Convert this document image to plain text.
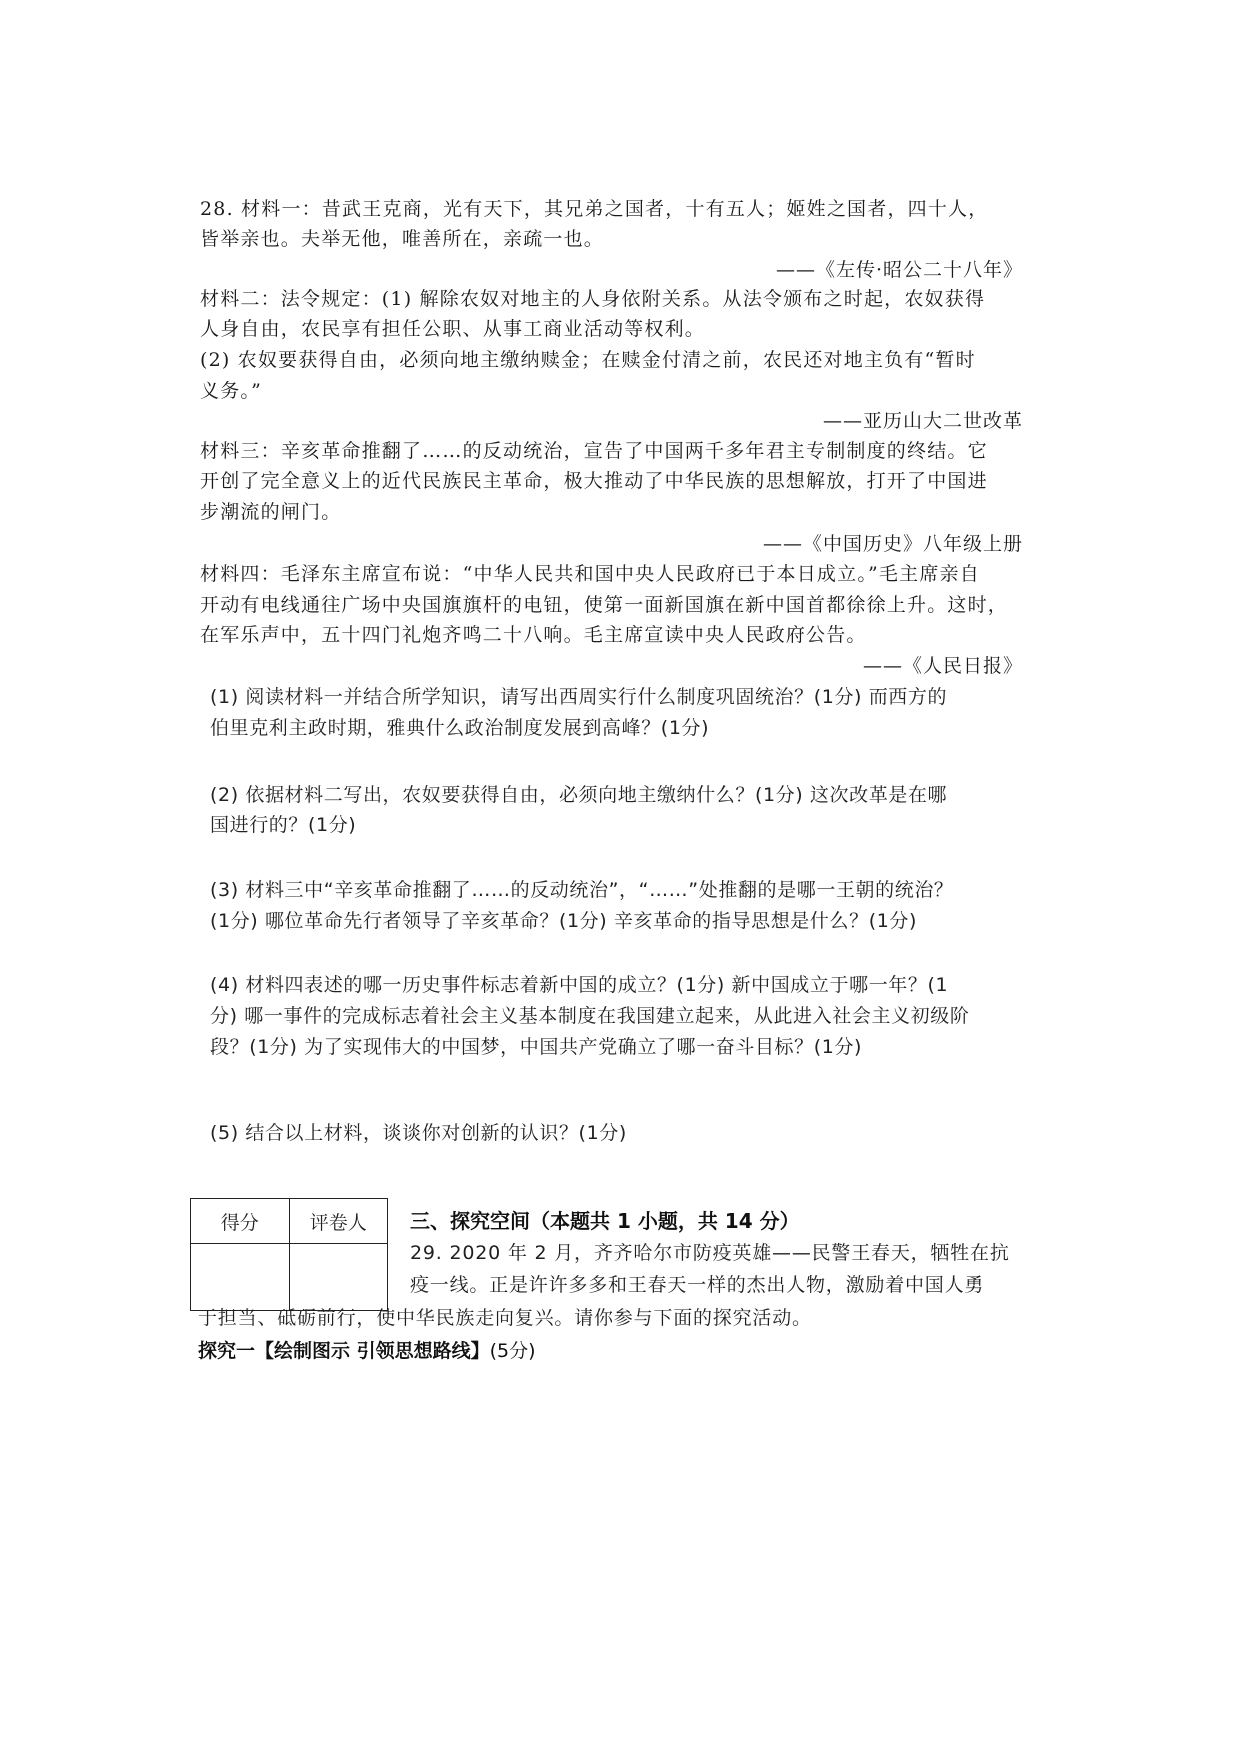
28. 材料一：昔武王克商，光有天下，其兄弟之国者，十有五人；姬姓之国者，四十人，
皆举亲也。夫举无他，唯善所在，亲疏一也。
——《左传·昭公二十八年》
材料二：法令规定：(1) 解除农奴对地主的人身依附关系。从法令颁布之时起，农奴获得
人身自由，农民享有担任公职、从事工商业活动等权利。
(2) 农奴要获得自由，必须向地主缴纳赎金；在赎金付清之前，农民还对地主负有“暂时
义务。”
——亚历山大二世改革
材料三：辛亥革命推翻了……的反动统治，宣告了中国两千多年君主专制制度的终结。它
开创了完全意义上的近代民族民主革命，极大推动了中华民族的思想解放，打开了中国进
步潮流的闸门。
——《中国历史》八年级上册
材料四：毛泽东主席宣布说：“中华人民共和国中央人民政府已于本日成立。”毛主席亲自
开动有电线通往广场中央国旗旗杆的电钮，使第一面新国旗在新中国首都徐徐上升。这时，
在军乐声中，五十四门礼炮齐鸣二十八响。毛主席宣读中央人民政府公告。
——《人民日报》
(1) 阅读材料一并结合所学知识，请写出西周实行什么制度巩固统治？(1分) 而西方的
伯里克利主政时期，雅典什么政治制度发展到高峰？(1分)
(2) 依据材料二写出，农奴要获得自由，必须向地主缴纳什么？(1分) 这次改革是在哪
国进行的？(1分)
(3) 材料三中“辛亥革命推翻了……的反动统治”，“……”处推翻的是哪一王朝的统治？
(1分) 哪位革命先行者领导了辛亥革命？(1分) 辛亥革命的指导思想是什么？(1分)
(4) 材料四表述的哪一历史事件标志着新中国的成立？(1分) 新中国成立于哪一年？(1
分) 哪一事件的完成标志着社会主义基本制度在我国建立起来，从此进入社会主义初级阶
段？(1分) 为了实现伟大的中国梦，中国共产党确立了哪一奋斗目标？(1分)
(5) 结合以上材料，谈谈你对创新的认识？(1分)
得分	评卷人
	三、探究空间（本题共 1 小题，共 14 分）
29. 2020 年 2 月，齐齐哈尔市防疫英雄——民警王春天，牺牲在抗
疫一线。正是许许多多和王春天一样的杰出人物，激励着中国人勇
于担当、砥砺前行，使中华民族走向复兴。请你参与下面的探究活动。
探究一【绘制图示 引领思想路线】(5分)
